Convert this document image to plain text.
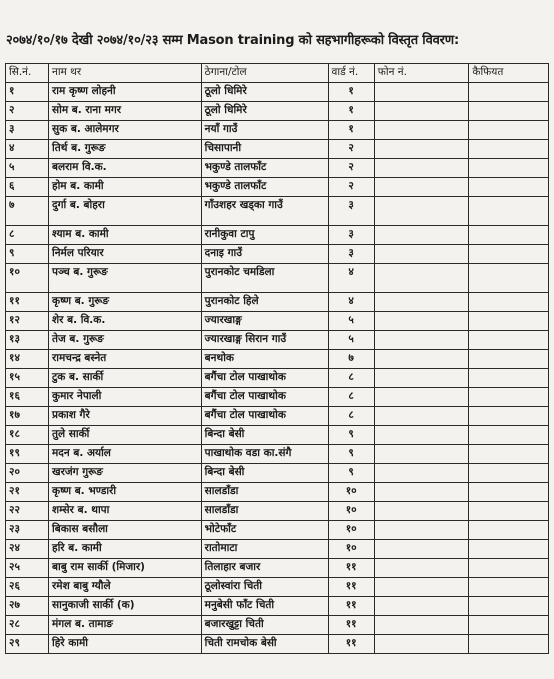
२०७४/१०/१७ देखी २०७४/१०/२३ सम्म Mason training को सहभागीहरूको विस्तृत विवरण:
सि.नं.	नाम थर	ठेगाना/टोल	वार्ड नं.	फोन नं.	कैफियत
१	राम कृष्ण लोहनी	ठूलो धिमिरे	१		
२	सोम ब. राना मगर	ठूलो धिमिरे	१		
३	सुक ब. आलेमगर	नयाँ गाउँ	१		
४	तिर्थ ब. गुरूङ	चिसापानी	२		
५	बलराम वि.क.	भकुण्डे तालफाँट	२		
६	होम ब. कामी	भकुण्डे तालफाँट	२		
७	दुर्गा ब. बोहरा	गाँउशहर खड्का गाउँ	३		
८	श्याम ब. कामी	रानीकुवा टापु	३		
९	निर्मल परियार	दनाइ गाउँ	३		
१०	पञ्च ब. गुरूङ	पुरानकोट चमडिला	४		
११	कृष्ण ब. गुरूङ	पुरानकोट हिले	४		
१२	शेर ब. वि.क.	ज्यारखाङ्ग	५		
१३	तेज ब. गुरूङ	ज्यारखाङ्ग सिरान गाउँ	५		
१४	रामचन्द्र बस्नेत	बनथोक	७		
१५	टुक ब. सार्की	बगैंचा टोल पाखाथोक	८		
१६	कुमार नेपाली	बगैंचा टोल पाखाथोक	८		
१७	प्रकाश गैरे	बगैंचा टोल पाखाथोक	८		
१८	तुले सार्की	बिन्दा बेसी	९		
१९	मदन ब. अर्याल	पाखाथोक वडा का.संगै	९		
२०	खरजंग गुरूङ	बिन्दा बेसी	९		
२१	कृष्ण ब. भण्डारी	सालडाँडा	१०		
२२	शम्सेर ब. थापा	सालडाँडा	१०		
२३	बिकास बसौला	भोटेफाँट	१०		
२४	हरि ब. कामी	रातोमाटा	१०		
२५	बाबु राम सार्की (मिजार)	तिलाहार बजार	११		
२६	रमेश बाबु ग्यौले	ठूलोस्वांरा चिती	११		
२७	सानुकाजी सार्की (क)	मनुबेसी फाँट चिती	११		
२८	मंगल ब. तामाङ	बजारखुट्टा चिती	११		
२९	हिरे कामी	चिती रामचोक बेसी	११		
